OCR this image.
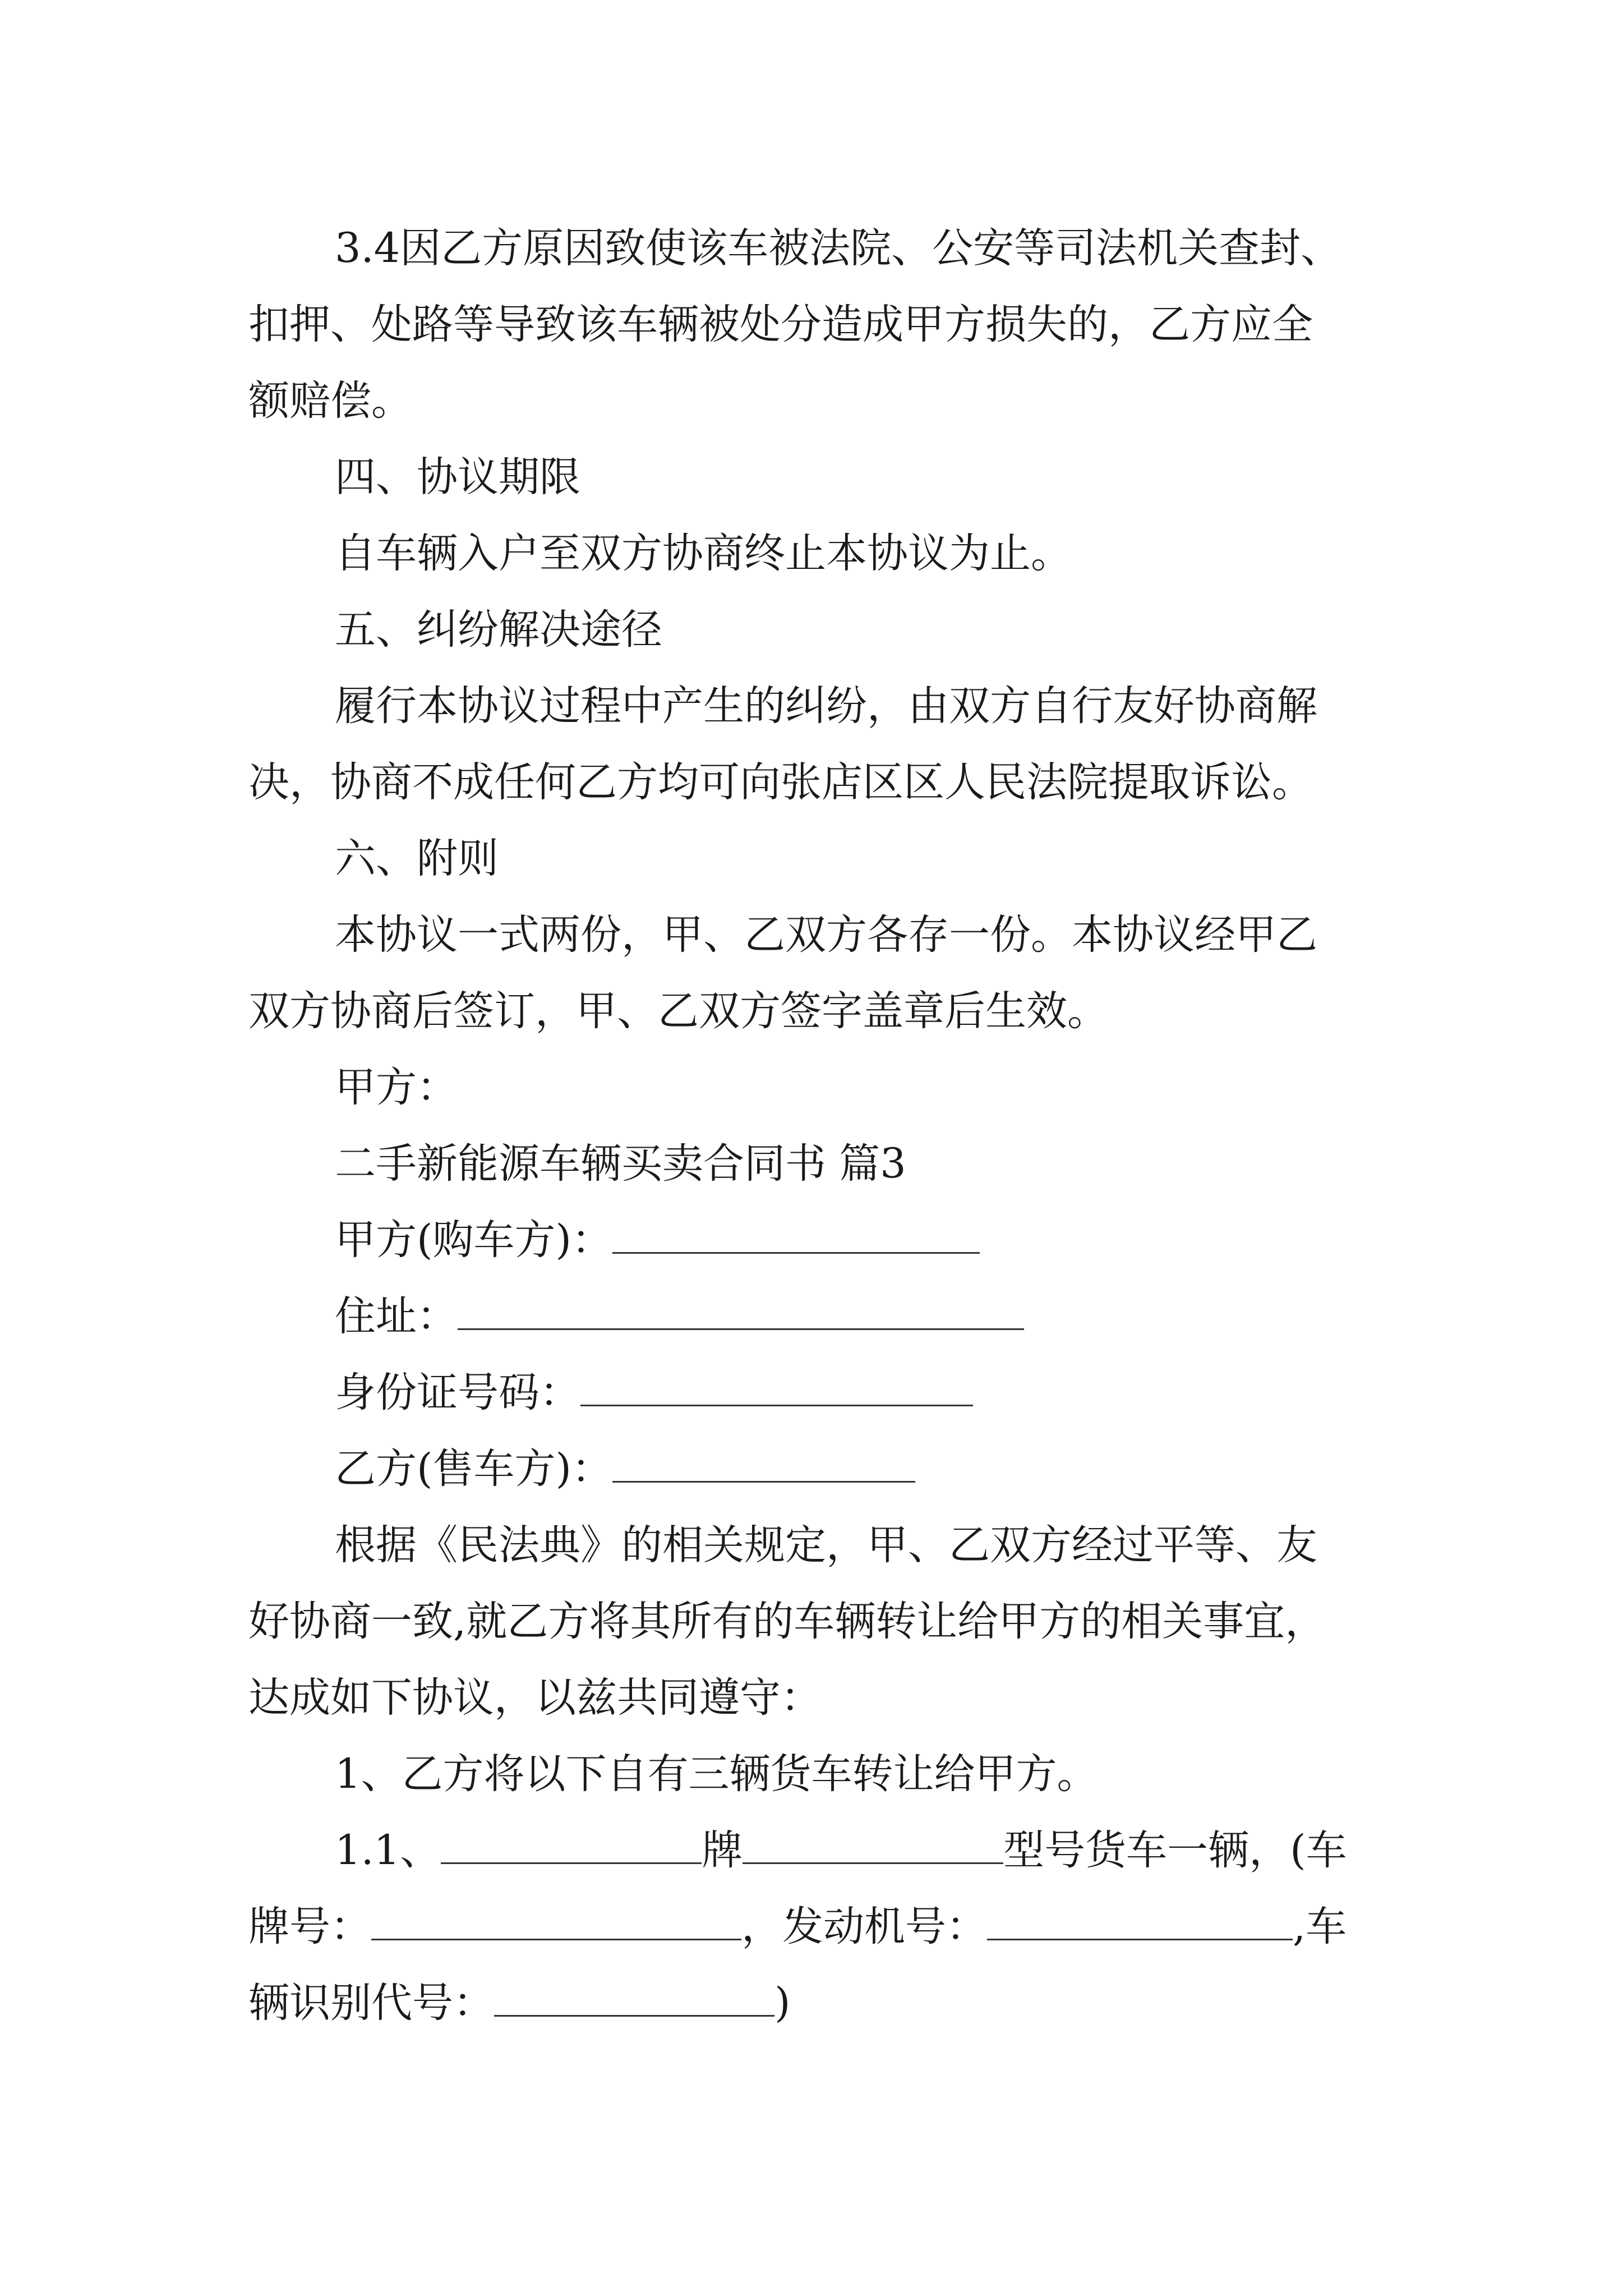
3.4因乙方原因致使该车被法院、公安等司法机关查封、
扣押、处路等导致该车辆被处分造成甲方损失的，乙方应全
额赔偿。
四、协议期限
自车辆入户至双方协商终止本协议为止。
五、纠纷解决途径
履行本协议过程中产生的纠纷，由双方自行友好协商解
决，协商不成任何乙方均可向张店区区人民法院提取诉讼。
六、附则
本协议一式两份，甲、乙双方各存一份。本协议经甲乙
双方协商后签订，甲、乙双方签字盖章后生效。
甲方：
二手新能源车辆买卖合同书 篇3
甲方(购车方)：
住址：
身份证号码：
乙方(售车方)：
根据《民法典》的相关规定，甲、乙双方经过平等、友
好协商一致,就乙方将其所有的车辆转让给甲方的相关事宜，
达成如下协议，以兹共同遵守：
1、乙方将以下自有三辆货车转让给甲方。
1.1、	牌	型号货车一辆，(车
牌号：	，发动机号：	,车
辆识别代号：	)
